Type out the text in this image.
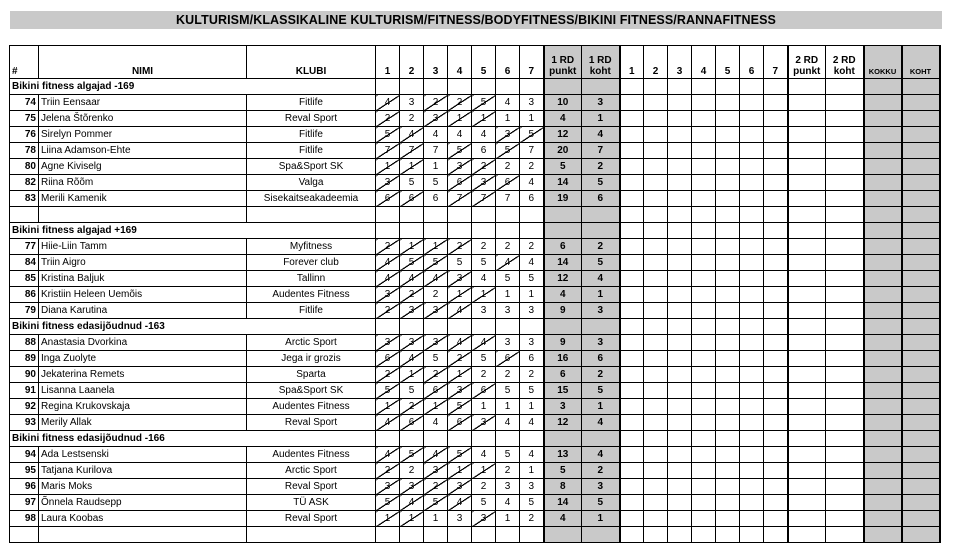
KULTURISM/KLASSIKALINE KULTURISM/FITNESS/BODYFITNESS/BIKINI FITNESS/RANNAFITNESS
#	NIMI	KLUBI	1	2	3	4	5	6	7	1 RD punkt	1 RD koht	1	2	3	4	5	6	7	2 RD punkt	2 RD koht	KOKKU	KOHT
Bikini fitness algajad -169																						
74	Triin Eensaar	Fitlife	4	3	2	2	5	4	3	10	3											
75	Jelena Štõrenko	Reval Sport	2	2	3	1	1	1	1	4	1											
76	Sirelyn Pommer	Fitlife	5	4	4	4	4	3	5	12	4											
78	Liina Adamson-Ehte	Fitlife	7	7	7	5	6	5	7	20	7											
80	Agne Kiviselg	Spa&Sport SK	1	1	1	3	2	2	2	5	2											
82	Riina Rõõm	Valga	3	5	5	6	3	6	4	14	5											
83	Merili Kamenik	Sisekaitseakadeemia	6	6	6	7	7	7	6	19	6											

Bikini fitness algajad +169																						
77	Hiie-Liin Tamm	Myfitness	2	1	1	2	2	2	2	6	2											
84	Triin Aigro	Forever club	4	5	5	5	5	4	4	14	5											
85	Kristina Baljuk	Tallinn	4	4	4	3	4	5	5	12	4											
86	Kristiin Heleen Uemõis	Audentes Fitness	3	2	2	1	1	1	1	4	1											
79	Diana Karutina	Fitlife	2	3	3	4	3	3	3	9	3											
Bikini fitness edasijõudnud -163																						
88	Anastasia Dvorkina	Arctic Sport	3	3	3	4	4	3	3	9	3											
89	Inga Zuolyte	Jega ir grozis	6	4	5	2	5	6	6	16	6											
90	Jekaterina Remets	Sparta	2	1	2	1	2	2	2	6	2											
91	Lisanna Laanela	Spa&Sport SK	5	5	6	3	6	5	5	15	5											
92	Regina Krukovskaja	Audentes Fitness	1	2	1	5	1	1	1	3	1											
93	Merily Allak	Reval Sport	4	6	4	6	3	4	4	12	4											
Bikini fitness edasijõudnud -166																						
94	Ada Lestsenski	Audentes Fitness	4	5	4	5	4	5	4	13	4											
95	Tatjana Kurilova	Arctic Sport	2	2	3	1	1	2	1	5	2											
96	Maris Moks	Reval Sport	3	3	2	3	2	3	3	8	3											
97	Õnnela Raudsepp	TÜ ASK	5	4	5	4	5	4	5	14	5											
98	Laura Koobas	Reval Sport	1	1	1	3	3	1	2	4	1											
